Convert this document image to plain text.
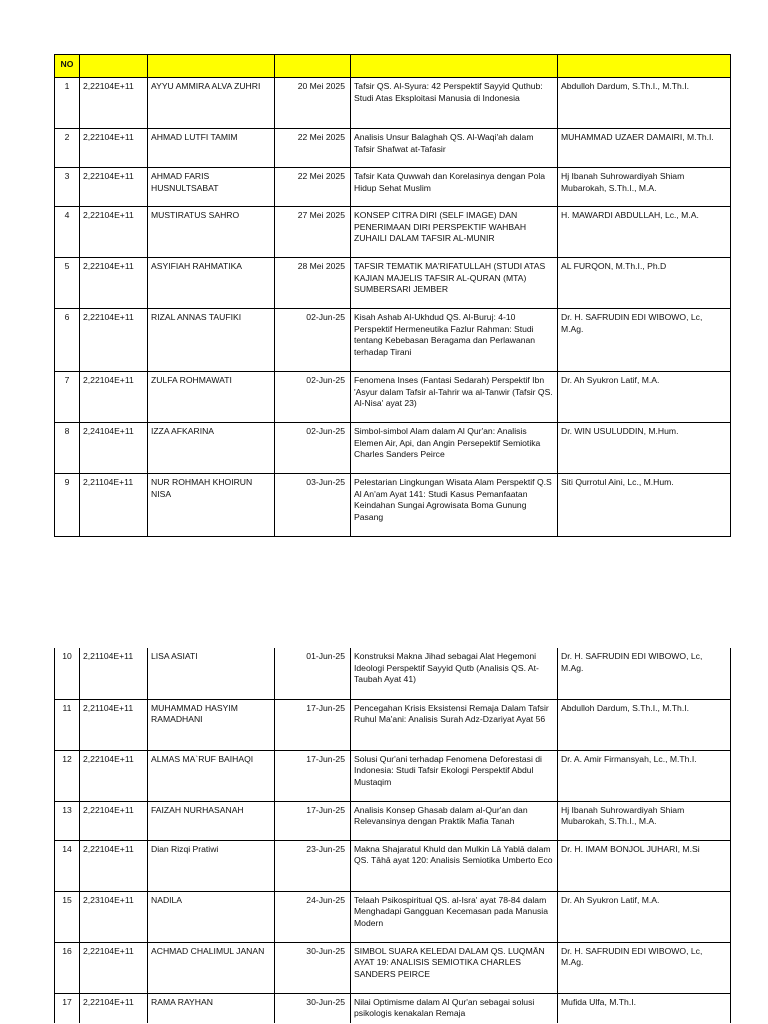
NO					
1	2,22104E+11	AYYU AMMIRA ALVA ZUHRI	20 Mei 2025	Tafsir QS. Al-Syura: 42 Perspektif Sayyid Quthub: Studi Atas Eksploitasi Manusia di Indonesia	Abdulloh Dardum, S.Th.I., M.Th.I.
2	2,22104E+11	AHMAD LUTFI TAMIM	22 Mei 2025	Analisis Unsur Balaghah QS. Al-Waqi'ah dalam Tafsir Shafwat at-Tafasir	MUHAMMAD UZAER DAMAIRI, M.Th.I.
3	2,22104E+11	AHMAD FARIS HUSNULTSABAT	22 Mei 2025	Tafsir Kata Quwwah dan Korelasinya dengan Pola Hidup Sehat Muslim	Hj Ibanah Suhrowardiyah Shiam Mubarokah, S.Th.I., M.A.
4	2,22104E+11	MUSTIRATUS SAHRO	27 Mei 2025	KONSEP CITRA DIRI (SELF IMAGE) DAN PENERIMAAN DIRI PERSPEKTIF WAHBAH ZUHAILI DALAM TAFSIR AL-MUNIR	H. MAWARDI ABDULLAH, Lc., M.A.
5	2,22104E+11	ASYIFIAH RAHMATIKA	28 Mei 2025	TAFSIR TEMATIK MA'RIFATULLAH (STUDI ATAS KAJIAN MAJELIS TAFSIR AL-QURAN (MTA) SUMBERSARI JEMBER	AL FURQON, M.Th.I., Ph.D
6	2,22104E+11	RIZAL ANNAS TAUFIKI	02-Jun-25	Kisah Ashab Al-Ukhdud QS. Al-Buruj: 4-10 Perspektif Hermeneutika Fazlur Rahman: Studi tentang Kebebasan Beragama dan Perlawanan terhadap Tirani	Dr. H. SAFRUDIN EDI WIBOWO, Lc, M.Ag.
7	2,22104E+11	ZULFA ROHMAWATI	02-Jun-25	Fenomena Inses (Fantasi Sedarah) Perspektif Ibn 'Asyur dalam Tafsir al-Tahrir wa al-Tanwir (Tafsir QS. Al-Nisa' ayat 23)	Dr. Ah Syukron Latif, M.A.
8	2,24104E+11	IZZA AFKARINA	02-Jun-25	Simbol-simbol Alam dalam Al Qur'an: Analisis Elemen Air, Api, dan Angin Persepektif Semiotika Charles Sanders Peirce	Dr. WIN USULUDDIN, M.Hum.
9	2,21104E+11	NUR ROHMAH KHOIRUN NISA	03-Jun-25	Pelestarian Lingkungan Wisata Alam Perspektif Q.S Al An'am Ayat 141: Studi Kasus Pemanfaatan Keindahan Sungai Agrowisata Boma Gunung Pasang	Siti Qurrotul Aini, Lc., M.Hum.
10	2,21104E+11	LISA ASIATI	01-Jun-25	Konstruksi Makna Jihad sebagai Alat Hegemoni Ideologi Perspektif Sayyid Qutb (Analisis QS. At-Taubah Ayat 41)	Dr. H. SAFRUDIN EDI WIBOWO, Lc, M.Ag.
11	2,21104E+11	MUHAMMAD HASYIM RAMADHANI	17-Jun-25	Pencegahan Krisis Eksistensi Remaja Dalam Tafsir Ruhul Ma'ani: Analisis Surah Adz-Dzariyat Ayat 56	Abdulloh Dardum, S.Th.I., M.Th.I.
12	2,22104E+11	ALMAS MA`RUF BAIHAQI	17-Jun-25	Solusi Qur'ani terhadap Fenomena Deforestasi di Indonesia: Studi Tafsir Ekologi Perspektif Abdul Mustaqim	Dr. A. Amir Firmansyah, Lc., M.Th.I.
13	2,22104E+11	FAIZAH NURHASANAH	17-Jun-25	Analisis Konsep Ghasab dalam al-Qur'an dan Relevansinya dengan Praktik Mafia Tanah	Hj Ibanah Suhrowardiyah Shiam Mubarokah, S.Th.I., M.A.
14	2,22104E+11	Dian Rizqi Pratiwi	23-Jun-25	Makna Shajaratul Khuld dan Mulkin Lā Yablā dalam QS. Tāhā ayat 120: Analisis Semiotika Umberto Eco	Dr. H. IMAM BONJOL JUHARI, M.Si
15	2,23104E+11	NADILA	24-Jun-25	Telaah Psikospiritual QS. al-Isra' ayat 78-84 dalam Menghadapi Gangguan Kecemasan pada Manusia Modern	Dr. Ah Syukron Latif, M.A.
16	2,22104E+11	ACHMAD CHALIMUL JANAN	30-Jun-25	SIMBOL SUARA KELEDAI DALAM QS. LUQMĀN AYAT 19: ANALISIS SEMIOTIKA CHARLES SANDERS PEIRCE	Dr. H. SAFRUDIN EDI WIBOWO, Lc, M.Ag.
17	2,22104E+11	RAMA RAYHAN	30-Jun-25	Nilai Optimisme dalam Al Qur'an sebagai solusi psikologis kenakalan Remaja	Mufida Ulfa, M.Th.I.
